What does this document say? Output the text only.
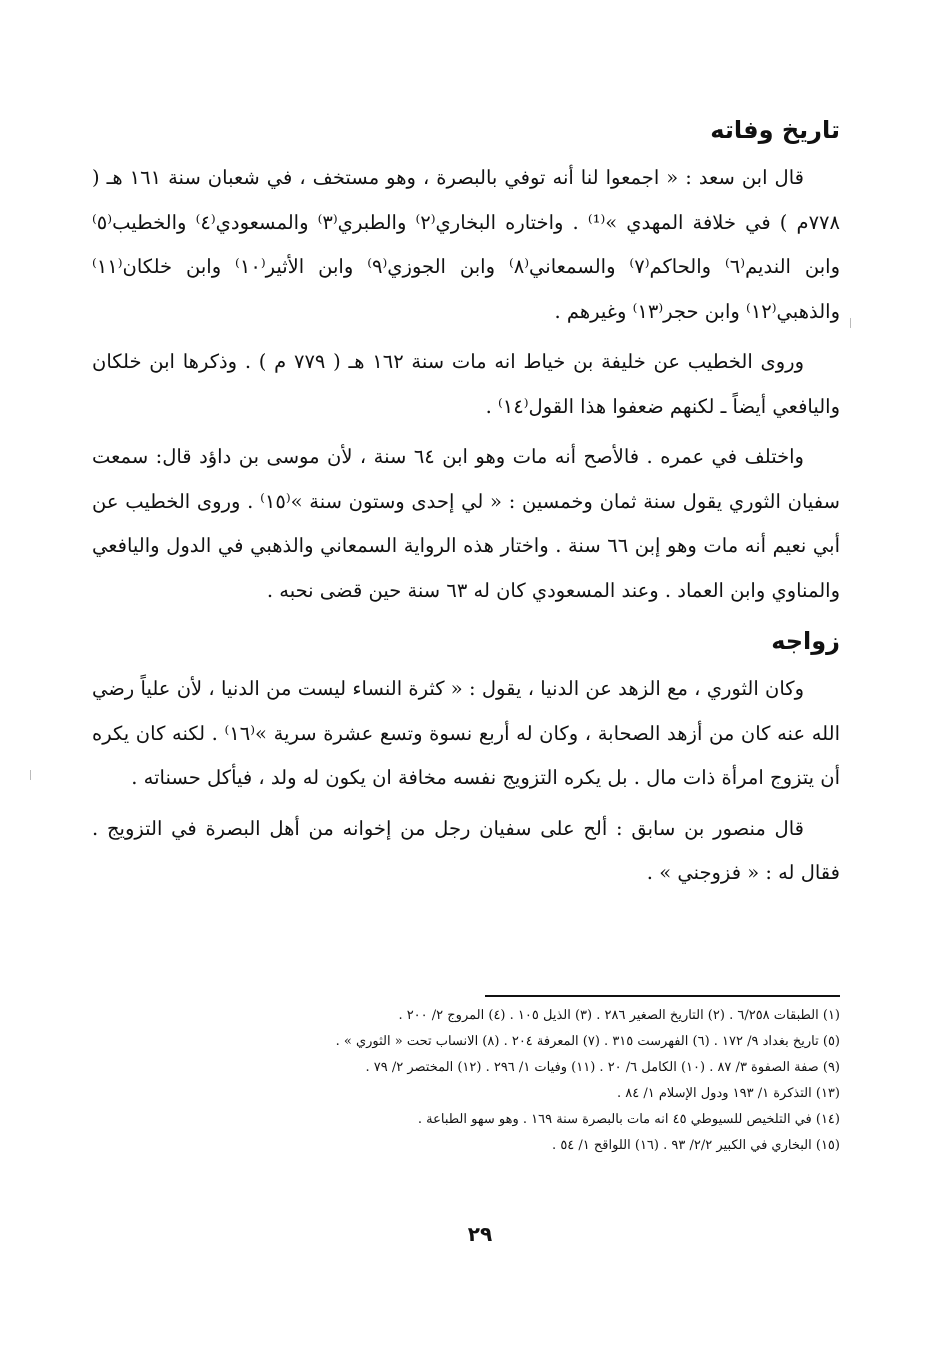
تاريخ وفاته

قال ابن سعد : « اجمعوا لنا أنه توفي بالبصرة ، وهو مستخف ، في شعبان سنة ١٦١ هـ ( ٧٧٨م ) في خلافة المهدي »⁽¹⁾ . واختاره البخاري⁽٢⁾ والطبري⁽٣⁾ والمسعودي⁽٤⁾ والخطيب⁽٥⁾ وابن النديم⁽٦⁾ والحاكم⁽٧⁾ والسمعاني⁽٨⁾ وابن الجوزي⁽٩⁾ وابن الأثير⁽١٠⁾ وابن خلكان⁽١١⁾ والذهبي⁽١٢⁾ وابن حجر⁽١٣⁾ وغيرهم .

وروى الخطيب عن خليفة بن خياط انه مات سنة ١٦٢ هـ ( ٧٧٩ م ) . وذكرها ابن خلكان واليافعي أيضاً ـ لكنهم ضعفوا هذا القول⁽١٤⁾ .

واختلف في عمره . فالأصح أنه مات وهو ابن ٦٤ سنة ، لأن موسى بن داؤد قال: سمعت سفيان الثوري يقول سنة ثمان وخمسين : « لي إحدى وستون سنة »⁽١٥⁾ . وروى الخطيب عن أبي نعيم أنه مات وهو إبن ٦٦ سنة . واختار هذه الرواية السمعاني والذهبي في الدول واليافعي والمناوي وابن العماد . وعند المسعودي كان له ٦٣ سنة حين قضى نحبه .

زواجه

وكان الثوري ، مع الزهد عن الدنيا ، يقول : « كثرة النساء ليست من الدنيا ، لأن علياً رضي الله عنه كان من أزهد الصحابة ، وكان له أربع نسوة وتسع عشرة سرية »⁽١٦⁾ . لكنه كان يكره أن يتزوج امرأة ذات مال . بل يكره التزويج نفسه مخافة ان يكون له ولد ، فيأكل حسناته .

قال منصور بن سابق : ألح على سفيان رجل من إخوانه من أهل البصرة في التزويج . فقال له : « فزوجني » .

(١) الطبقات ٦/٢٥٨ . (٢) التاريخ الصغير ٢٨٦ . (٣) الذيل ١٠٥ . (٤) المروج ٢/ ٢٠٠ .
(٥) تاريخ بغداد ٩/ ١٧٢ . (٦) الفهرست ٣١٥ . (٧) المعرفة ٢٠٤ . (٨) الانساب تحت « الثوري » .
(٩) صفة الصفوة ٣/ ٨٧ . (١٠) الكامل ٦/ ٢٠ . (١١) وفيات ١/ ٢٩٦ . (١٢) المختصر ٢/ ٧٩ .
(١٣) التذكرة ١/ ١٩٣ ودول الإسلام ١/ ٨٤ .
(١٤) في التلخيص للسيوطي ٤٥ انه مات بالبصرة سنة ١٦٩ . وهو سهو الطباعة .
(١٥) البخاري في الكبير ٢/٢/ ٩٣ . (١٦) اللواقح ١/ ٥٤ .
٢٩
